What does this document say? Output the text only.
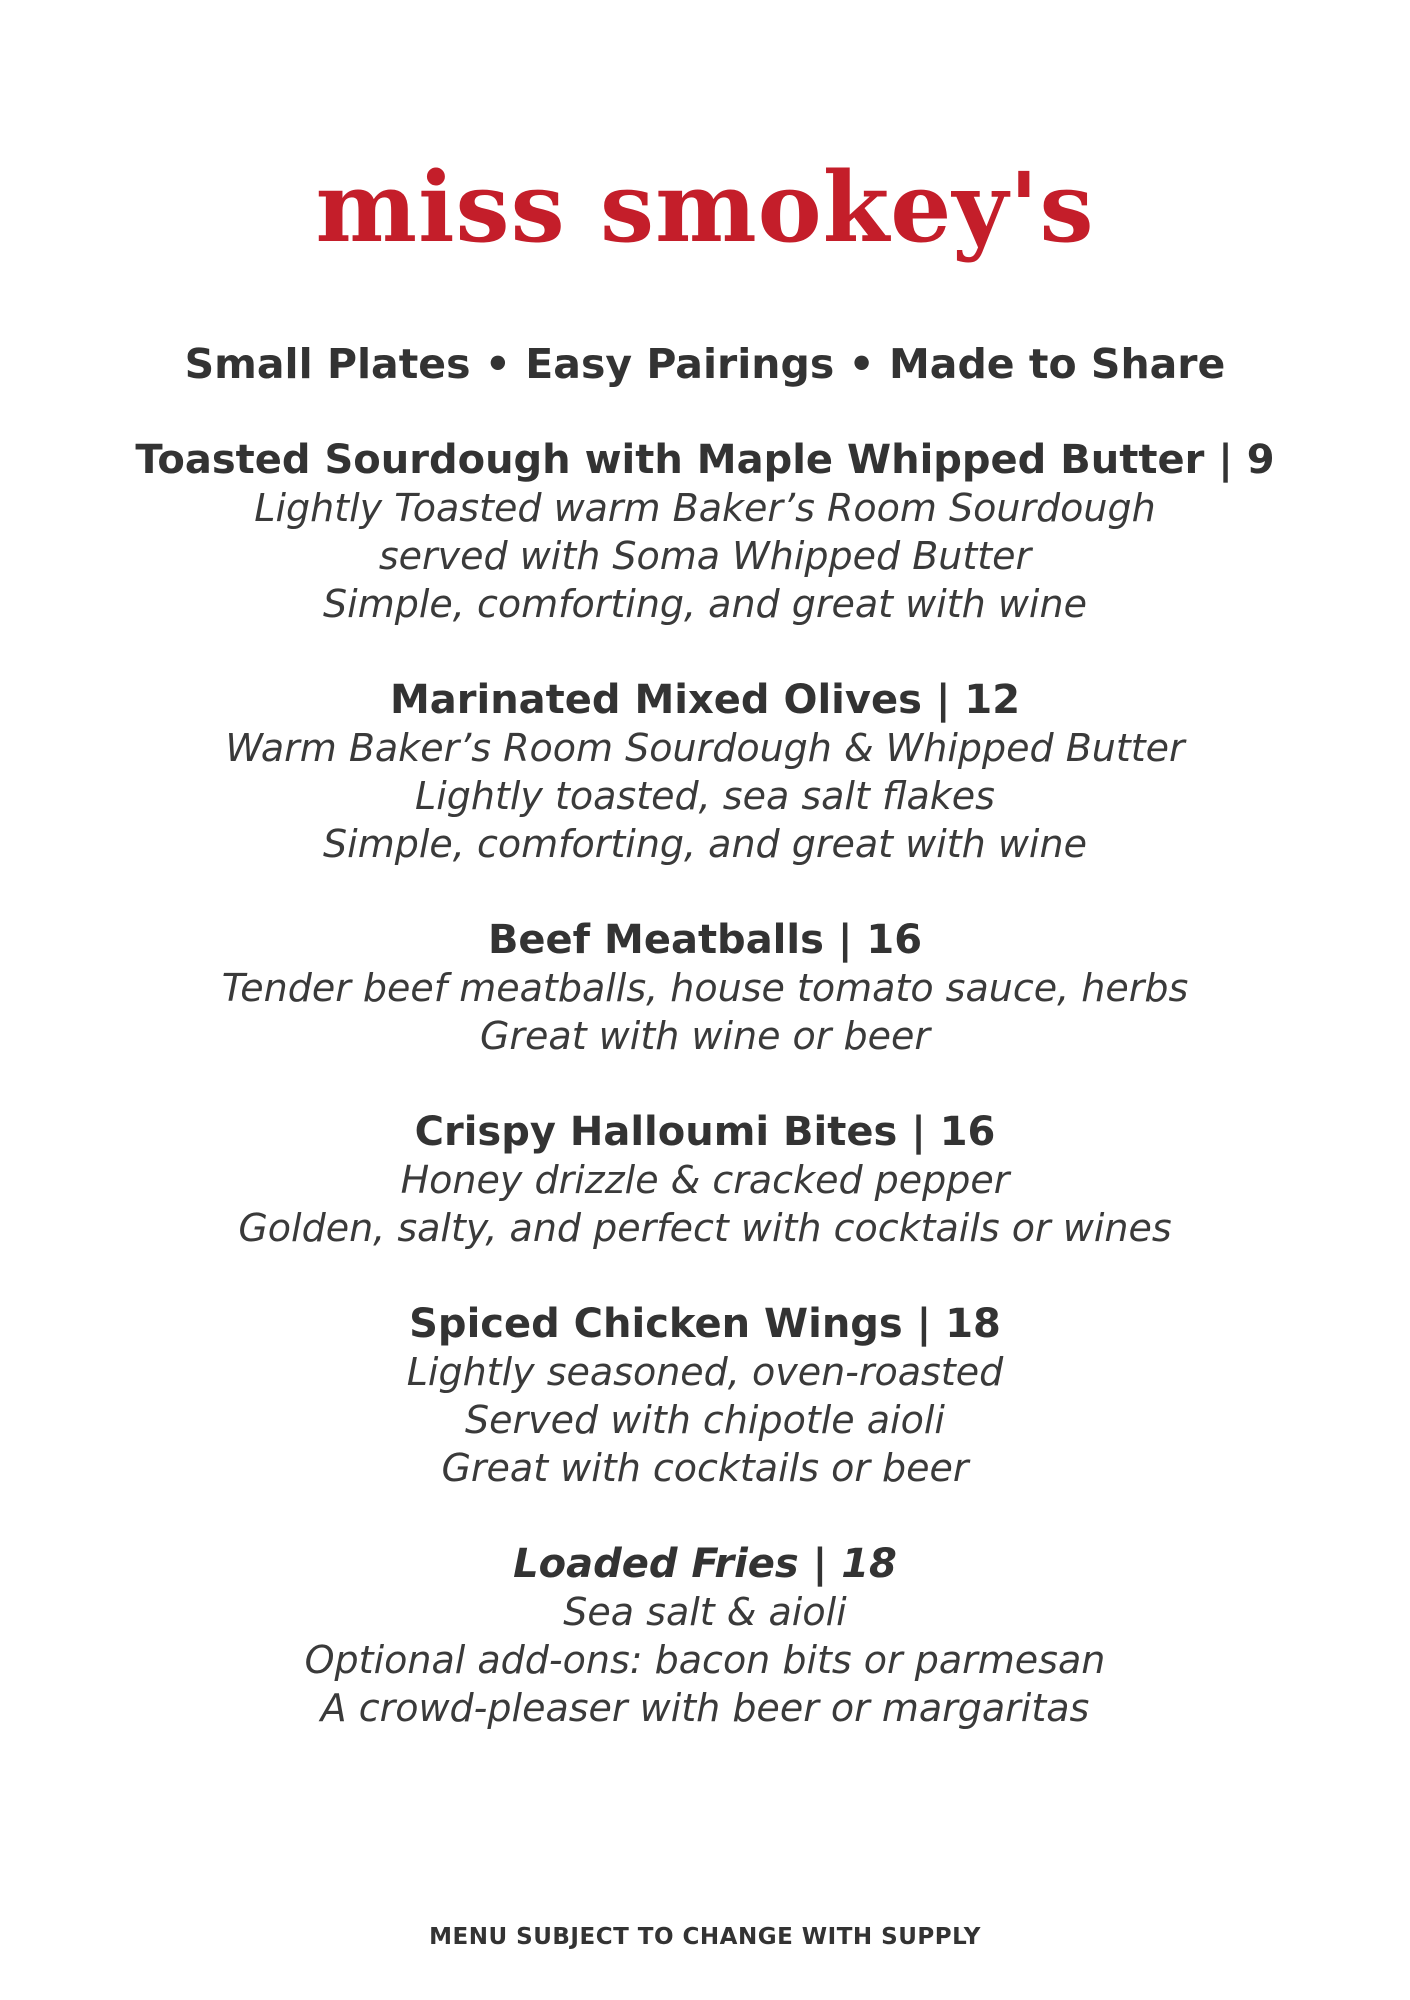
miss smokey's
Small Plates • Easy Pairings • Made to Share
Toasted Sourdough with Maple Whipped Butter | 9
Lightly Toasted warm Baker’s Room Sourdough
served with Soma Whipped Butter
Simple, comforting, and great with wine
Marinated Mixed Olives | 12
Warm Baker’s Room Sourdough & Whipped Butter
Lightly toasted, sea salt flakes
Simple, comforting, and great with wine
Beef Meatballs | 16
Tender beef meatballs, house tomato sauce, herbs
Great with wine or beer
Crispy Halloumi Bites | 16
Honey drizzle & cracked pepper
Golden, salty, and perfect with cocktails or wines
Spiced Chicken Wings | 18
Lightly seasoned, oven-roasted
Served with chipotle aioli
Great with cocktails or beer
Loaded Fries | 18
Sea salt & aioli
Optional add-ons: bacon bits or parmesan
A crowd-pleaser with beer or margaritas
MENU SUBJECT TO CHANGE WITH SUPPLY
